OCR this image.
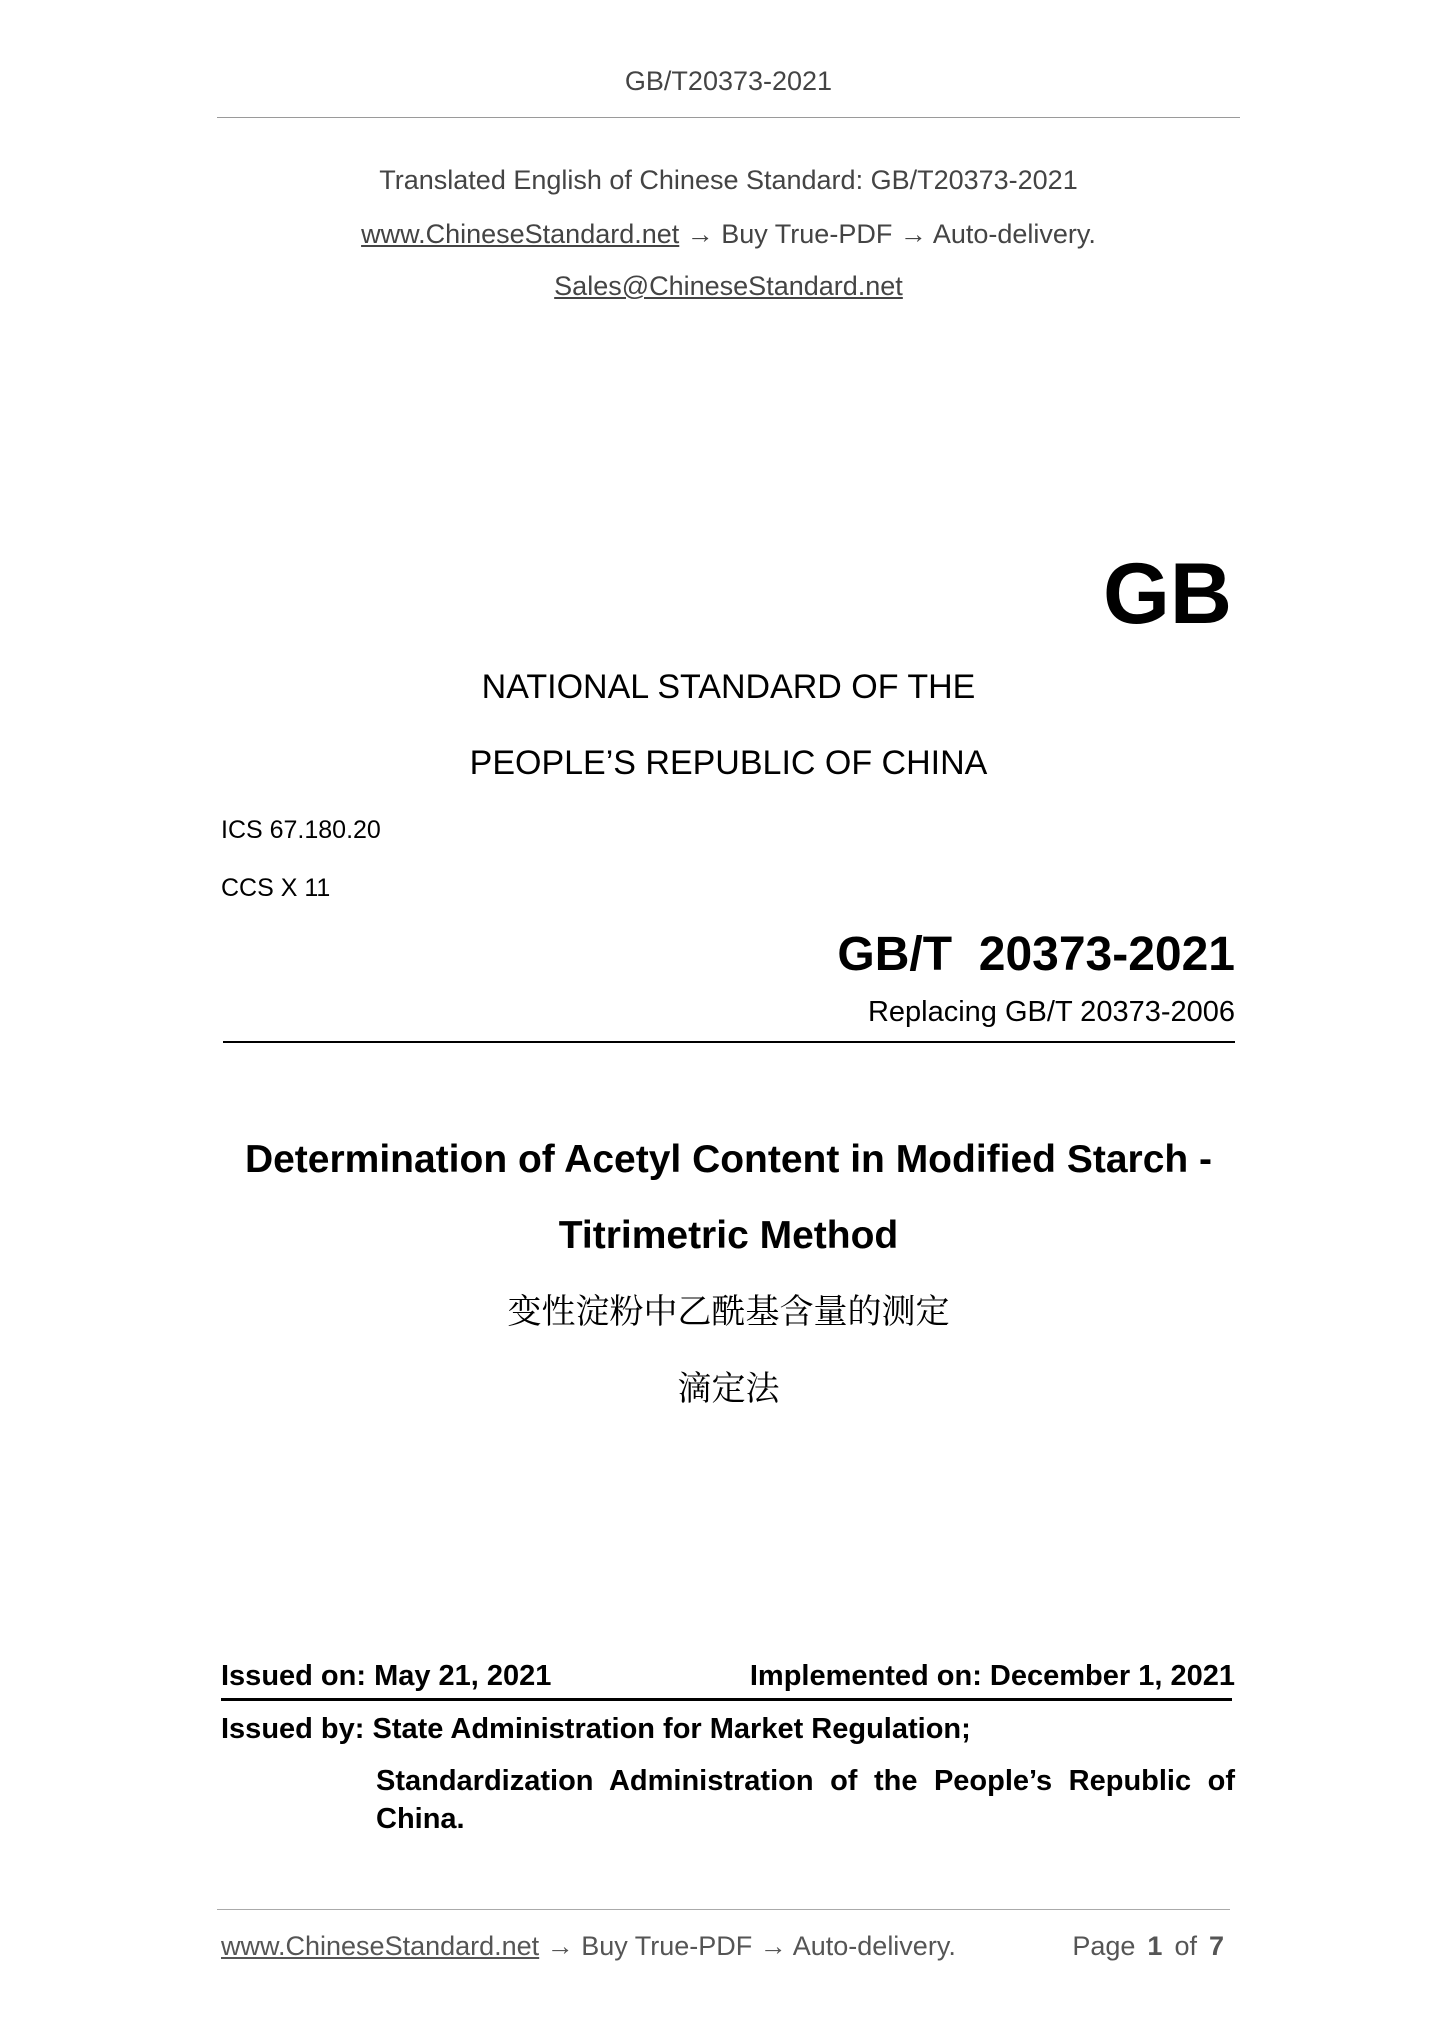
GB/T20373-2021
Translated English of Chinese Standard: GB/T20373-2021
www.ChineseStandard.net → Buy True-PDF → Auto-delivery.
Sales@ChineseStandard.net
GB
NATIONAL STANDARD OF THE
PEOPLE’S REPUBLIC OF CHINA
ICS 67.180.20
CCS X 11
GB/T  20373-2021
Replacing GB/T 20373-2006
Determination of Acetyl Content in Modified Starch -
Titrimetric Method
变性淀粉中乙酰基含量的测定
滴定法
Issued on: May 21, 2021	Implemented on: December 1, 2021
Issued by: State Administration for Market Regulation;
Standardization Administration of the People’s Republic of China.
www.ChineseStandard.net → Buy True-PDF → Auto-delivery.	Page 1 of 7
